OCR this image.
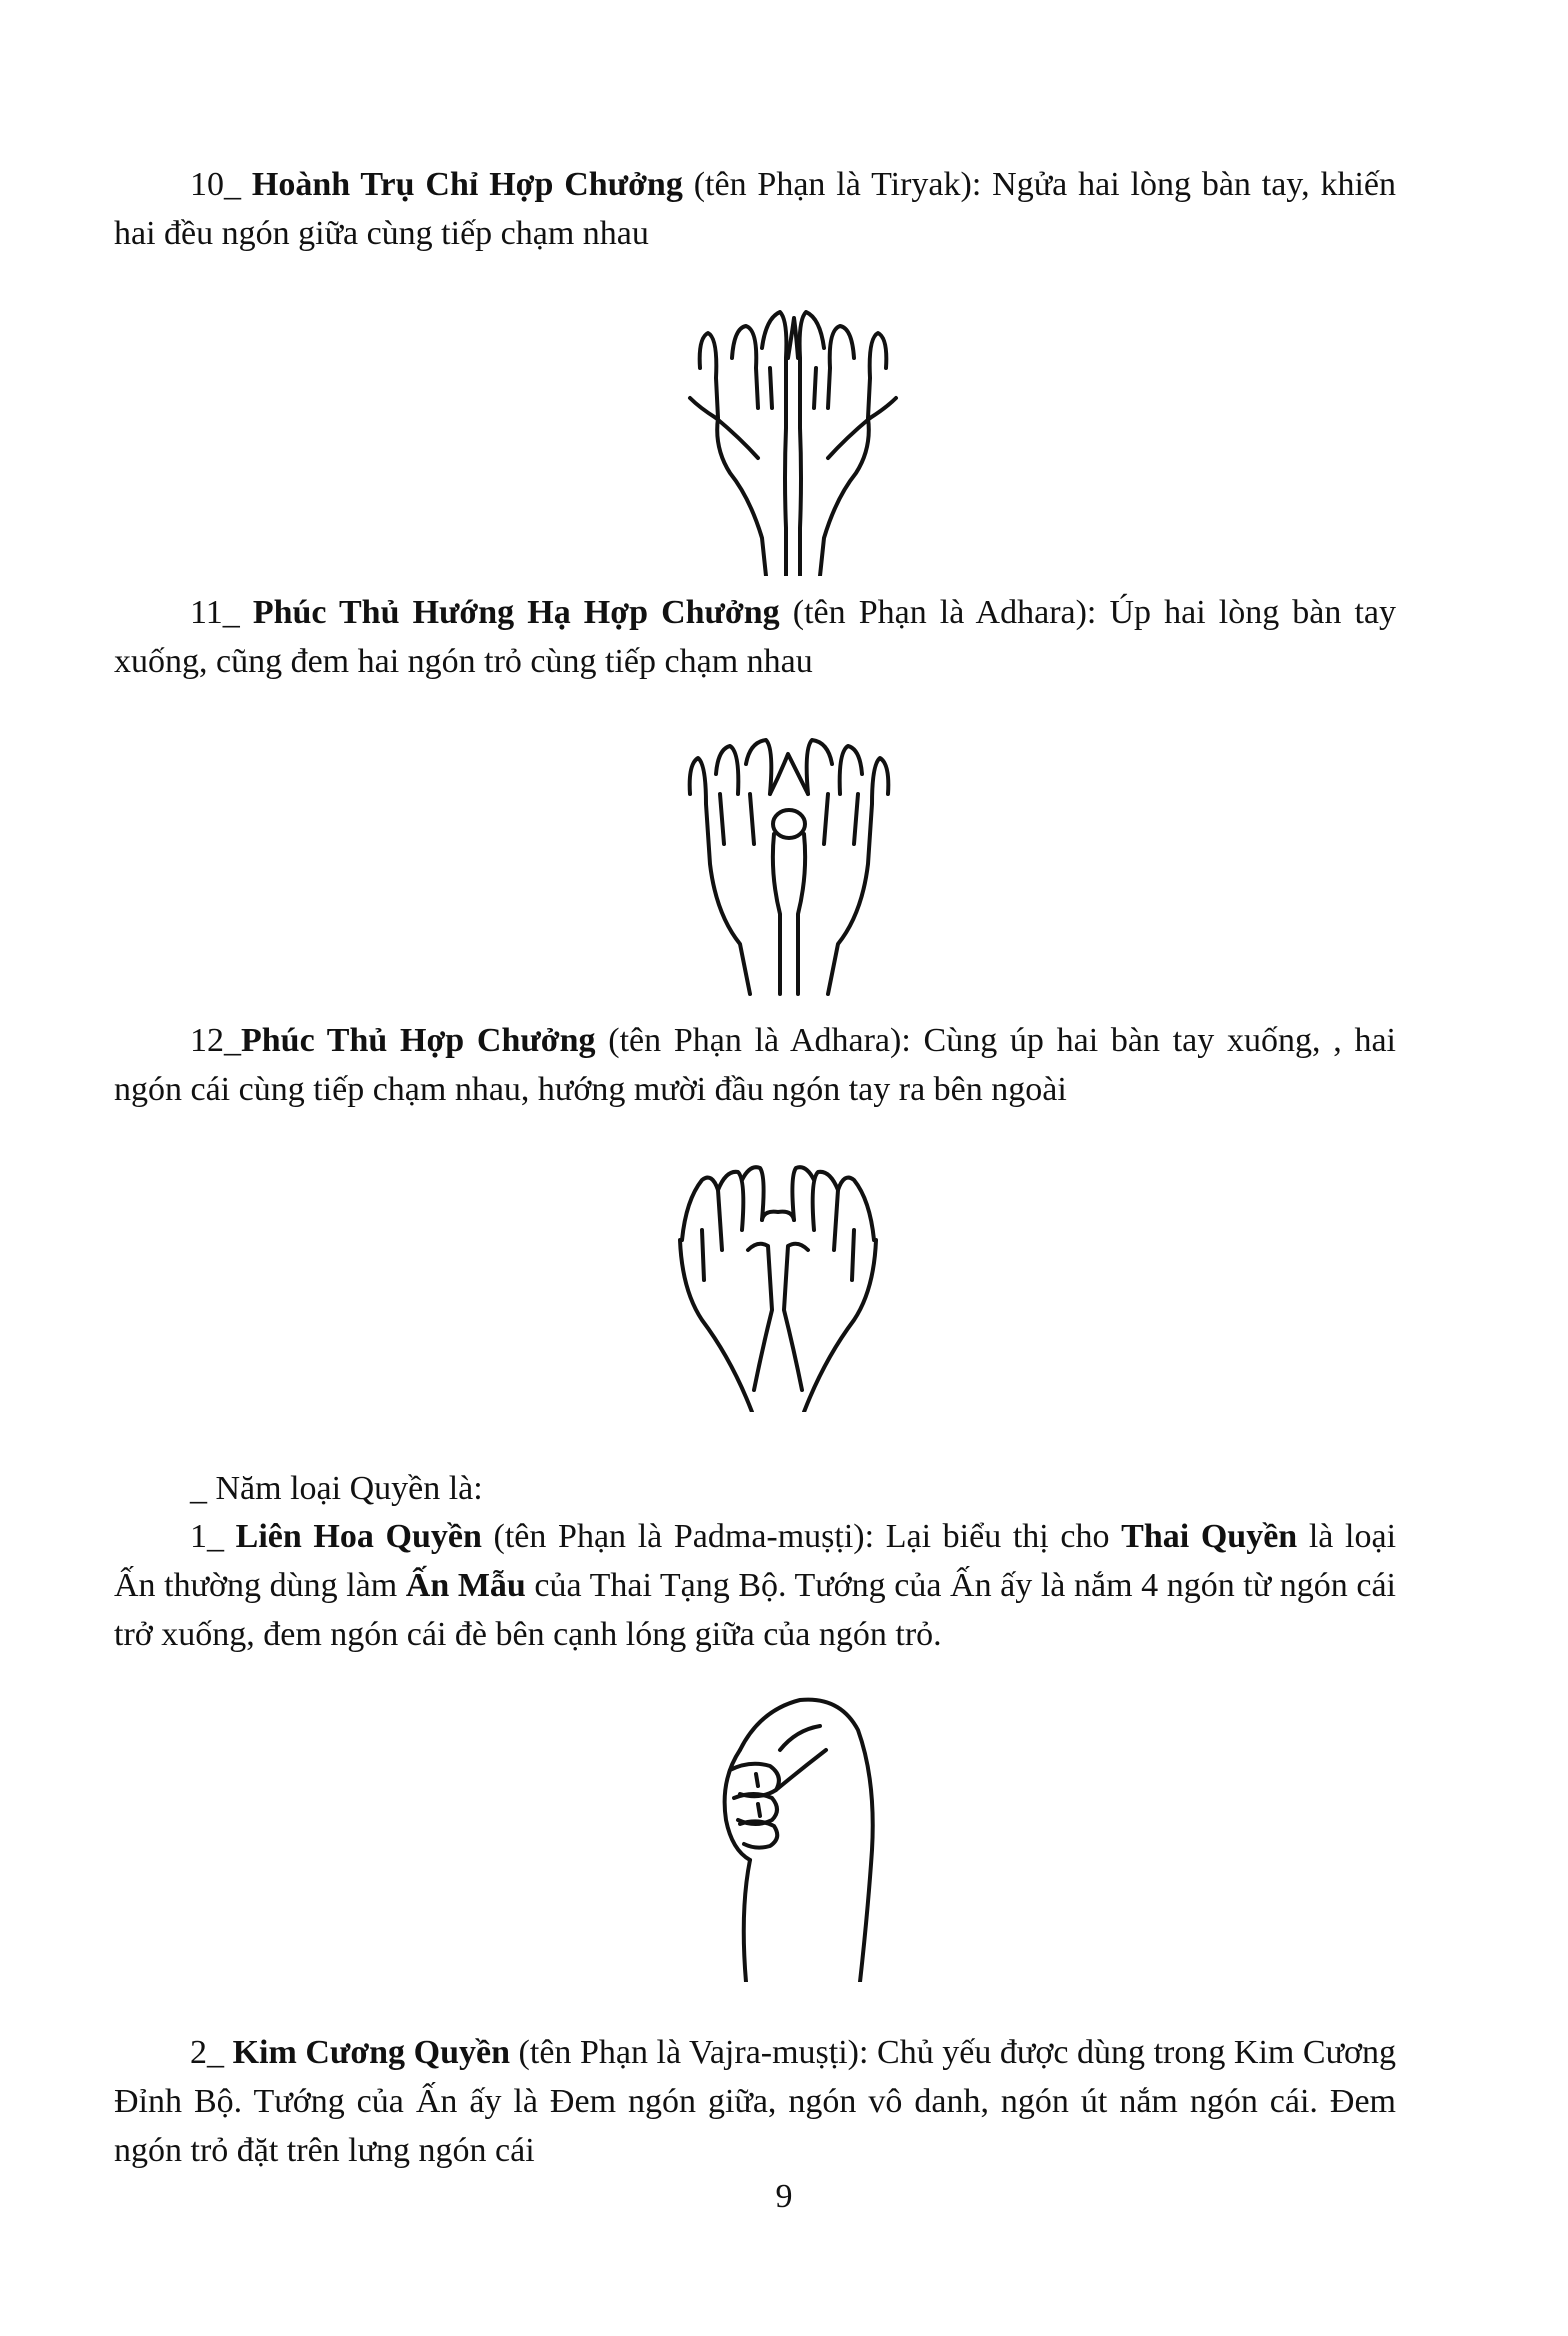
10_ Hoành Trụ Chỉ Hợp Chưởng (tên Phạn là Tiryak): Ngửa hai lòng bàn tay, khiến hai đều ngón giữa cùng tiếp chạm nhau

11_ Phúc Thủ Hướng Hạ Hợp Chưởng (tên Phạn là Adhara): Úp hai lòng bàn tay xuống, cũng đem hai ngón trỏ cùng tiếp chạm nhau

12_Phúc Thủ Hợp Chưởng (tên Phạn là Adhara): Cùng úp hai bàn tay xuống, , hai ngón cái cùng tiếp chạm nhau, hướng mười đầu ngón tay ra bên ngoài

_ Năm loại Quyền là:

1_ Liên Hoa Quyền (tên Phạn là Padma-muṣṭi): Lại biểu thị cho Thai Quyền là loại Ấn thường dùng làm Ấn Mẫu của Thai Tạng Bộ. Tướng của Ấn ấy là nắm 4 ngón từ ngón cái trở xuống, đem ngón cái đè bên cạnh lóng giữa của ngón trỏ.

2_ Kim Cương Quyền (tên Phạn là Vajra-muṣṭi): Chủ yếu được dùng trong Kim Cương Đỉnh Bộ. Tướng của Ấn ấy là Đem ngón giữa, ngón vô danh, ngón út nắm ngón cái. Đem ngón trỏ đặt trên lưng ngón cái

9
